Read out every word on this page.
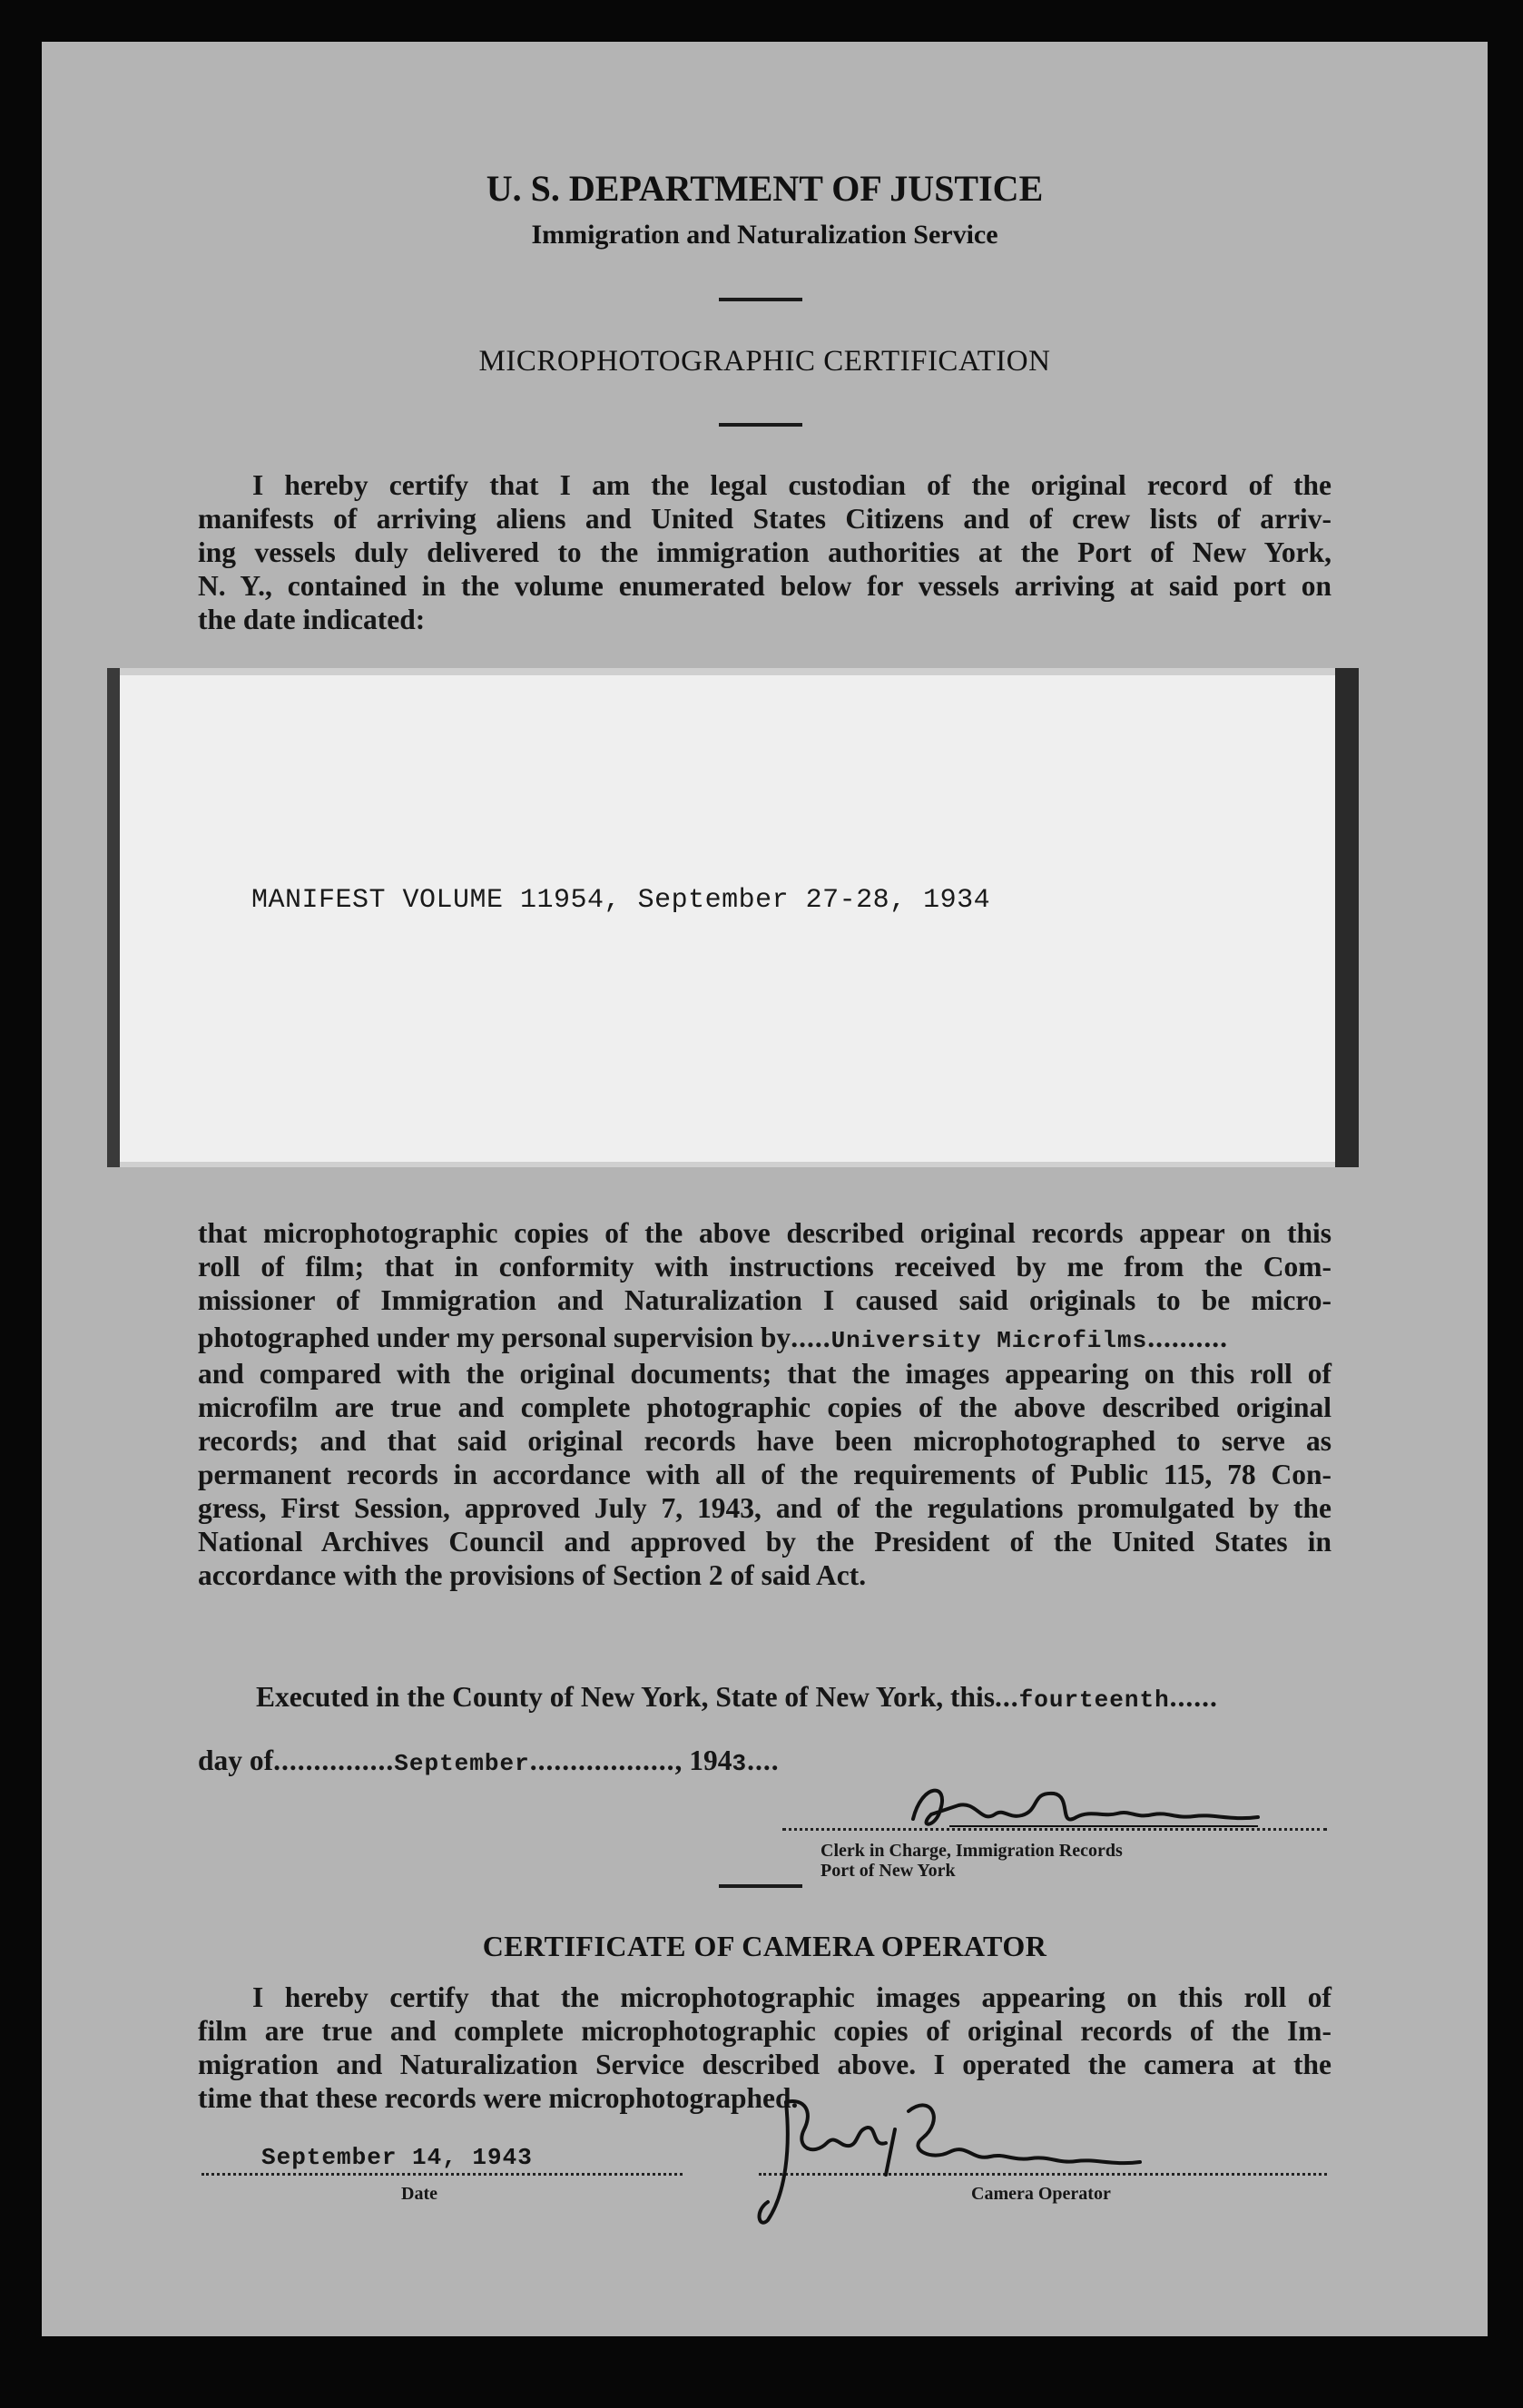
U. S. DEPARTMENT OF JUSTICE
Immigration and Naturalization Service
MICROPHOTOGRAPHIC CERTIFICATION
I hereby certify that I am the legal custodian of the original record of the
manifests of arriving aliens and United States Citizens and of crew lists of arriv-
ing vessels duly delivered to the immigration authorities at the Port of New York,
N. Y., contained in the volume enumerated below for vessels arriving at said port on
the date indicated:
MANIFEST VOLUME 11954, September 27-28, 1934
that microphotographic copies of the above described original records appear on this
roll of film; that in conformity with instructions received by me from the Com-
missioner of Immigration and Naturalization I caused said originals to be micro-
photographed under my personal supervision by.....University Microfilms..........
and compared with the original documents; that the images appearing on this roll of
microfilm are true and complete photographic copies of the above described original
records; and that said original records have been microphotographed to serve as
permanent records in accordance with all of the requirements of Public 115, 78 Con-
gress, First Session, approved July 7, 1943, and of the regulations promulgated by the
National Archives Council and approved by the President of the United States in
accordance with the provisions of Section 2 of said Act.
Executed in the County of New York, State of New York, this...fourteenth......
day of...............September.................., 1943....
Clerk in Charge, Immigration Records
Port of New York
CERTIFICATE OF CAMERA OPERATOR
I hereby certify that the microphotographic images appearing on this roll of
film are true and complete microphotographic copies of original records of the Im-
migration and Naturalization Service described above. I operated the camera at the
time that these records were microphotographed.
September 14, 1943
Date	Camera Operator
